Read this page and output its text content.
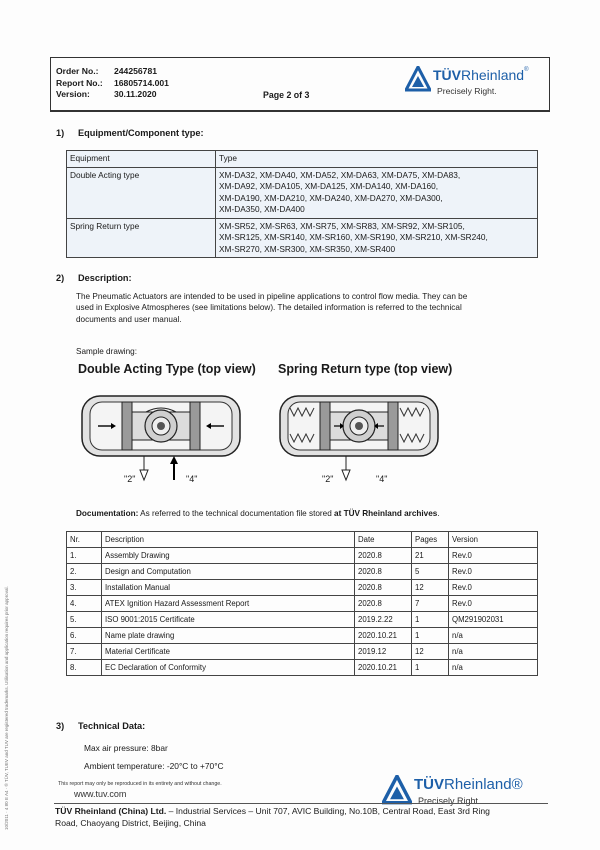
10/2011 · 4 80 E A4 · ® TÜV, TUEV and TUV are registered trademarks. Utilisation and application requires prior approval.
Order No.:	244256781
Report No.:	16805714.001
Version:	30.11.2020	Page 2 of 3
TÜVRheinland®
Precisely Right.
1) Equipment/Component type:
Equipment	Type
Double Acting type	XM-DA32, XM-DA40, XM-DA52, XM-DA63, XM-DA75, XM-DA83,
XM-DA92, XM-DA105, XM-DA125, XM-DA140, XM-DA160,
XM-DA190, XM-DA210, XM-DA240, XM-DA270, XM-DA300,
XM-DA350, XM-DA400

Spring Return type	XM-SR52, XM-SR63, XM-SR75, XM-SR83, XM-SR92, XM-SR105,
XM-SR125, XM-SR140, XM-SR160, XM-SR190, XM-SR210, XM-SR240,
XM-SR270, XM-SR300, XM-SR350, XM-SR400
2) Description:
The Pneumatic Actuators are intended to be used in pipeline applications to control flow media. They can be
used in Explosive Atmospheres (see limitations below). The detailed information is referred to the technical
documents and user manual.
Sample drawing:
Double Acting Type (top view) Spring Return type (top view)
"2"	"4"	"2"	"4"
Documentation: As referred to the technical documentation file stored at TÜV Rheinland archives.
Nr.	Description	Date	Pages	Version
1.	Assembly Drawing	2020.8	21	Rev.0
2.	Design and Computation	2020.8	5	Rev.0
3.	Installation Manual	2020.8	12	Rev.0
4.	ATEX Ignition Hazard Assessment Report	2020.8	7	Rev.0
5.	ISO 9001:2015 Certificate	2019.2.22	1	QM291902031
6.	Name plate drawing	2020.10.21	1	n/a
7.	Material Certificate	2019.12	12	n/a
8.	EC Declaration of Conformity	2020.10.21	1	n/a
3) Technical Data:
Max air pressure: 8bar
Ambient temperature: -20°C to +70°C
This report may only be reproduced in its entirety and without change.
www.tuv.com
TÜVRheinland®
Precisely Right.
TÜV Rheinland (China) Ltd. – Industrial Services – Unit 707, AVIC Building, No.10B, Central Road, East 3rd Ring
Road, Chaoyang District, Beijing, China
